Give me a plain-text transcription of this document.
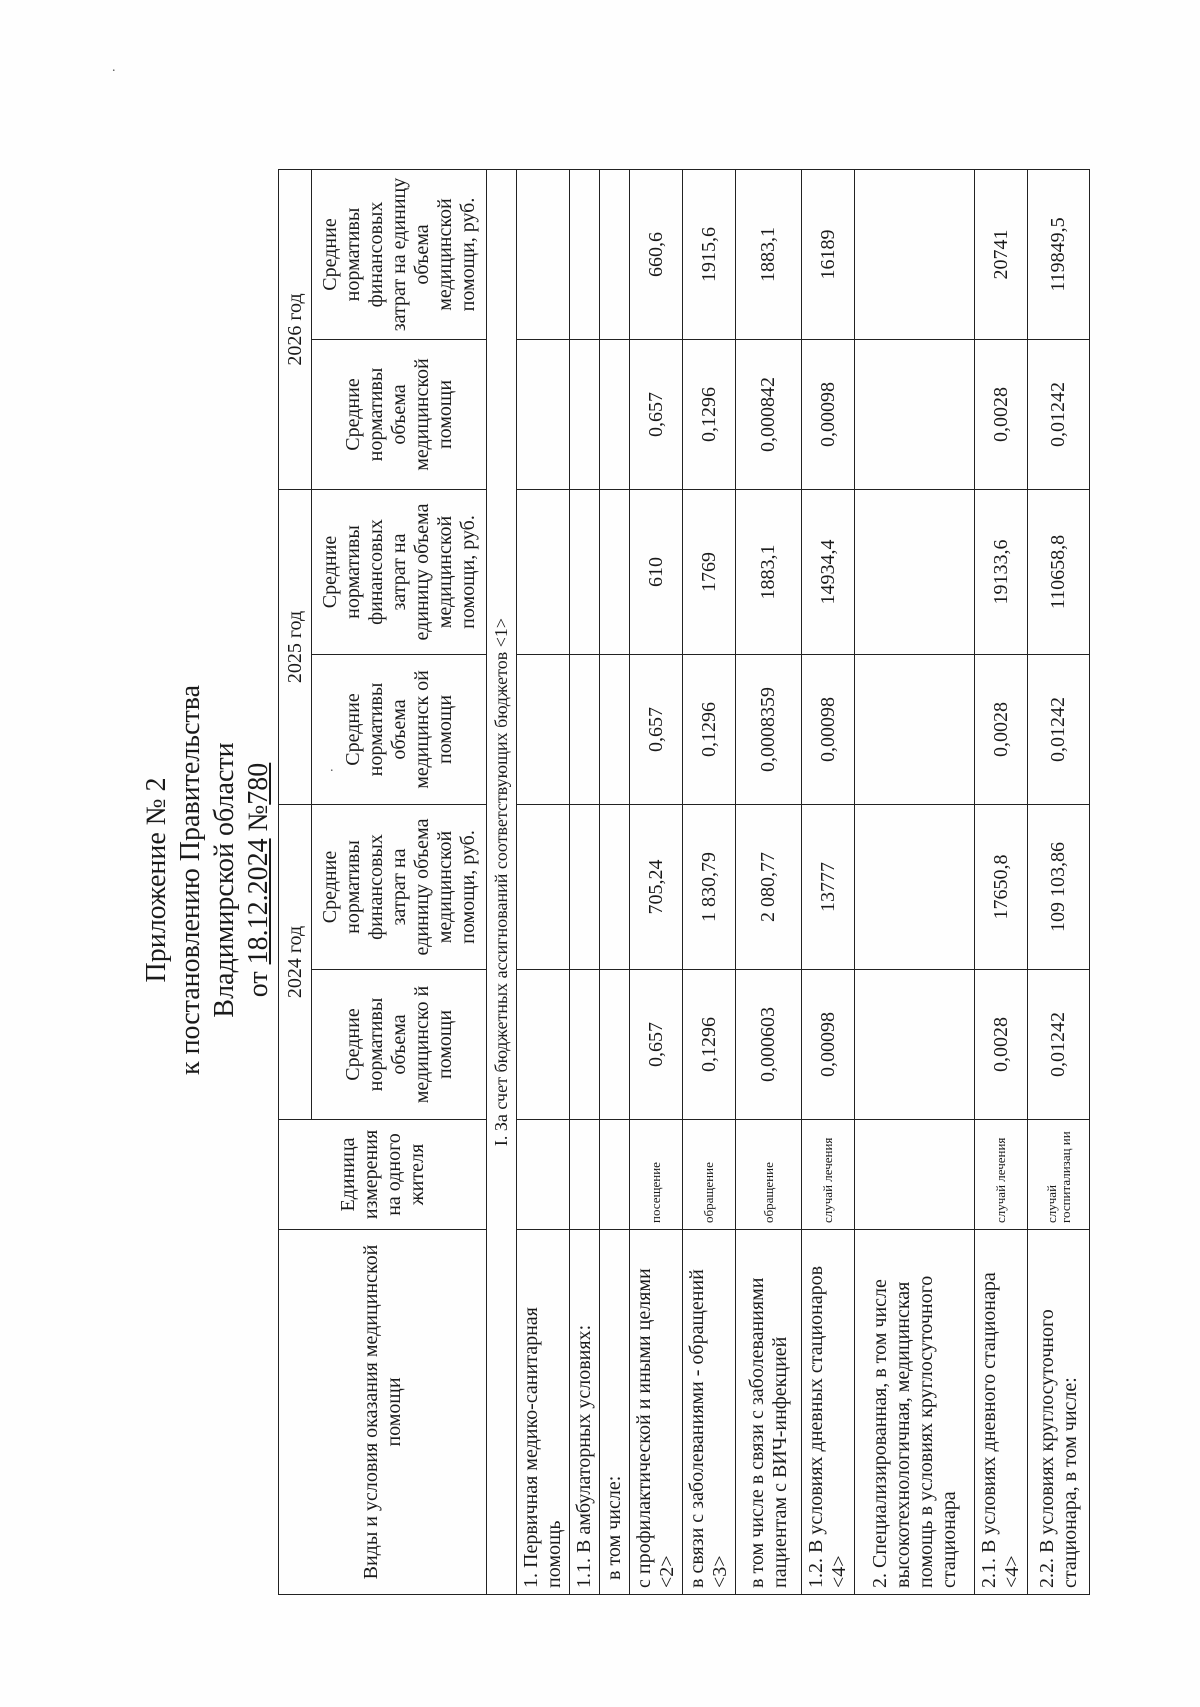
.
.
Приложение № 2 к постановлению Правительства Владимирской области от 18.12.2024 №780
Виды и условия оказания медицинской помощи	Единица измерения на одного жителя	2024 год		2025 год		2026 год	
		Средние нормативы объема медицинско й помощи	Средние нормативы финансовых затрат на единицу объема медицинской помощи, руб.	Средние нормативы объема медицинск ой помощи	Средние нормативы финансовых затрат на единицу объема медицинской помощи, руб.	Средние нормативы объема медицинской помощи	Средние нормативы финансовых затрат на единицу объема медицинской помощи, руб.
I. За счет бюджетных ассигнований соответствующих бюджетов <1>							
1. Первичная медико-санитарная помощь							
1.1. В амбулаторных условиях:							
в том числе:							
с профилактической и иными целями <2>	посещение	0,657	705,24	0,657	610	0,657	660,6
в связи с заболеваниями - обращений <3>	обращение	0,1296	1 830,79	0,1296	1769	0,1296	1915,6
в том числе в связи с заболеваниями пациентам с ВИЧ-инфекцией	обращение	0,000603	2 080,77	0,0008359	1883,1	0,000842	1883,1
1.2. В условиях дневных стационаров <4>	случай лечения	0,00098	13777	0,00098	14934,4	0,00098	16189
2. Специализированная, в том числе высокотехнологичная, медицинская помощь в условиях круглосуточного стационара							
2.1. В условиях дневного стационара <4>	случай лечения	0,0028	17650,8	0,0028	19133,6	0,0028	20741
2.2. В условиях круглосуточного стационара, в том числе:	случай госпитализац ии	0,01242	109 103,86	0,01242	110658,8	0,01242	119849,5
